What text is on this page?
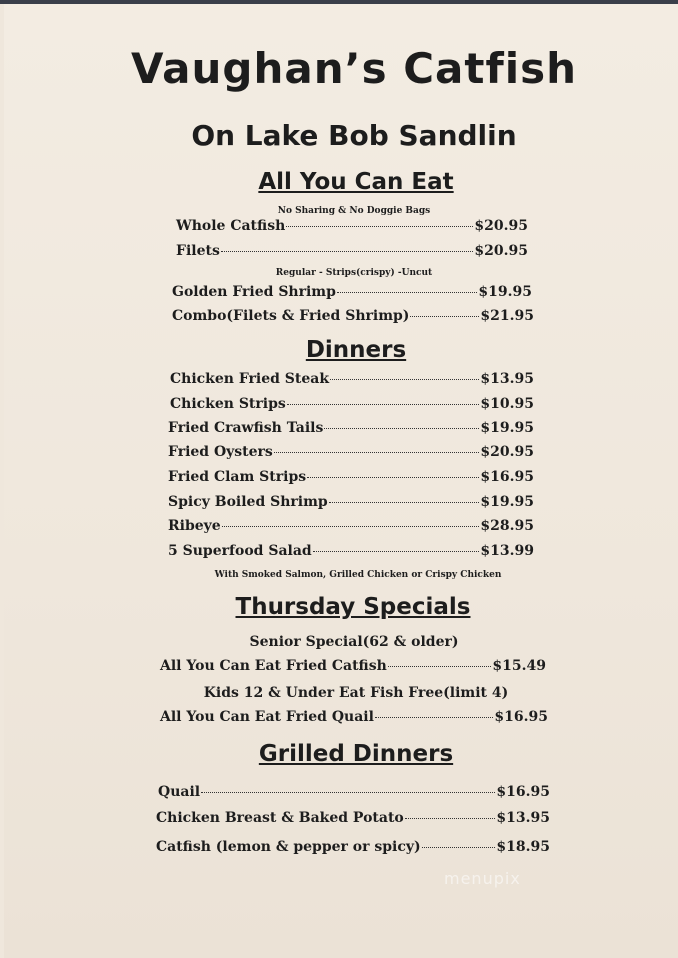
Vaughan’s Catfish
On Lake Bob Sandlin
All You Can Eat
No Sharing & No Doggie Bags
Whole Catfish	$20.95
Filets	$20.95
Regular - Strips(crispy) -Uncut
Golden Fried Shrimp	$19.95
Combo(Filets & Fried Shrimp)	$21.95
Dinners
Chicken Fried Steak	$13.95
Chicken Strips	$10.95
Fried Crawfish Tails	$19.95
Fried Oysters	$20.95
Fried Clam Strips	$16.95
Spicy Boiled Shrimp	$19.95
Ribeye	$28.95
5 Superfood Salad	$13.99
With Smoked Salmon, Grilled Chicken or Crispy Chicken
Thursday Specials
Senior Special(62 & older)
All You Can Eat Fried Catfish	$15.49
Kids 12 & Under Eat Fish Free(limit 4)
All You Can Eat Fried Quail	$16.95
Grilled Dinners
Quail	$16.95
Chicken Breast & Baked Potato	$13.95
Catfish (lemon & pepper or spicy)	$18.95
menupix
